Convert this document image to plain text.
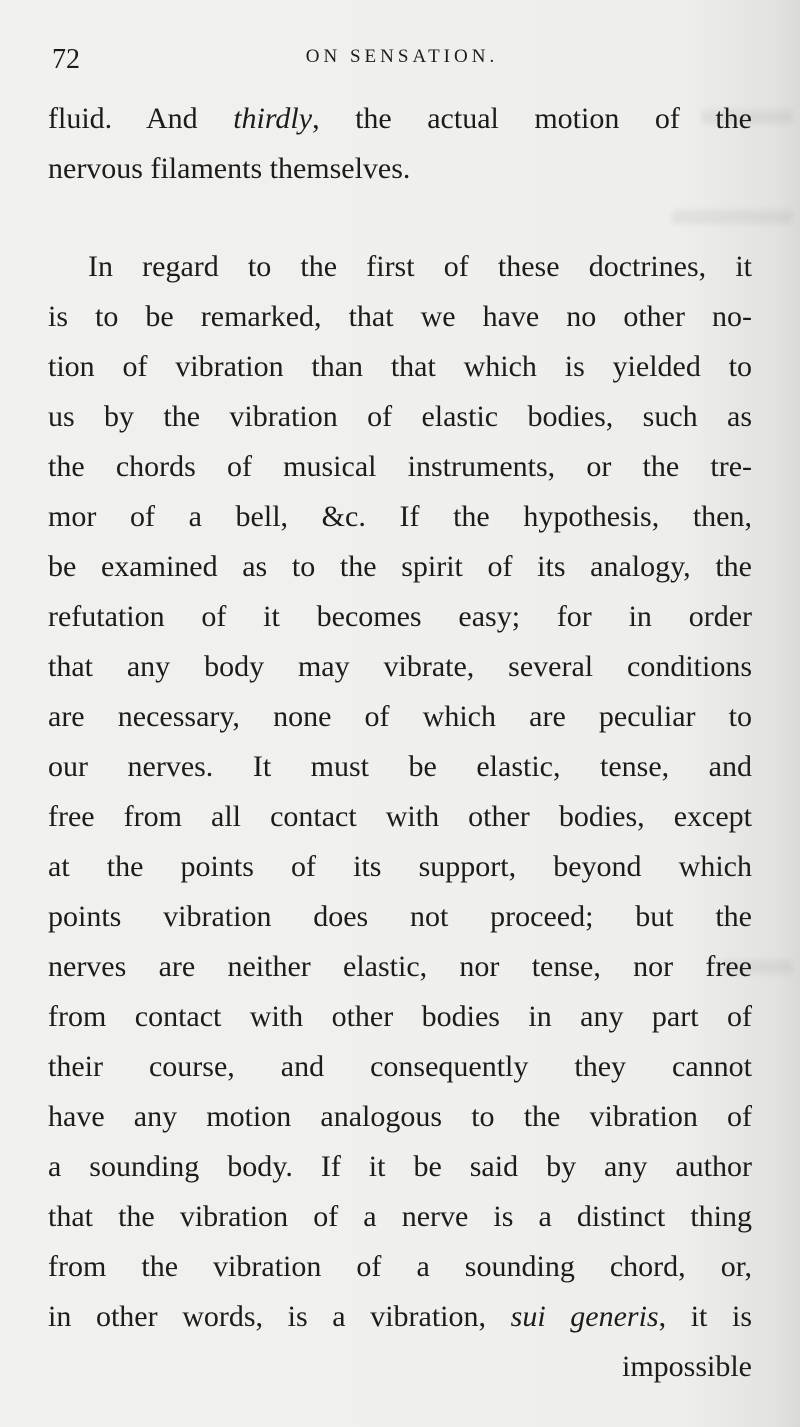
72	ON SENSATION.
fluid. And thirdly, the actual motion of the
nervous filaments themselves.
In regard to the first of these doctrines, it
is to be remarked, that we have no other no-
tion of vibration than that which is yielded to
us by the vibration of elastic bodies, such as
the chords of musical instruments, or the tre-
mor of a bell, &c. If the hypothesis, then,
be examined as to the spirit of its analogy, the
refutation of it becomes easy; for in order
that any body may vibrate, several conditions
are necessary, none of which are peculiar to
our nerves. It must be elastic, tense, and
free from all contact with other bodies, except
at the points of its support, beyond which
points vibration does not proceed; but the
nerves are neither elastic, nor tense, nor free
from contact with other bodies in any part of
their course, and consequently they cannot
have any motion analogous to the vibration of
a sounding body. If it be said by any author
that the vibration of a nerve is a distinct thing
from the vibration of a sounding chord, or,
in other words, is a vibration, sui generis, it is
impossible
